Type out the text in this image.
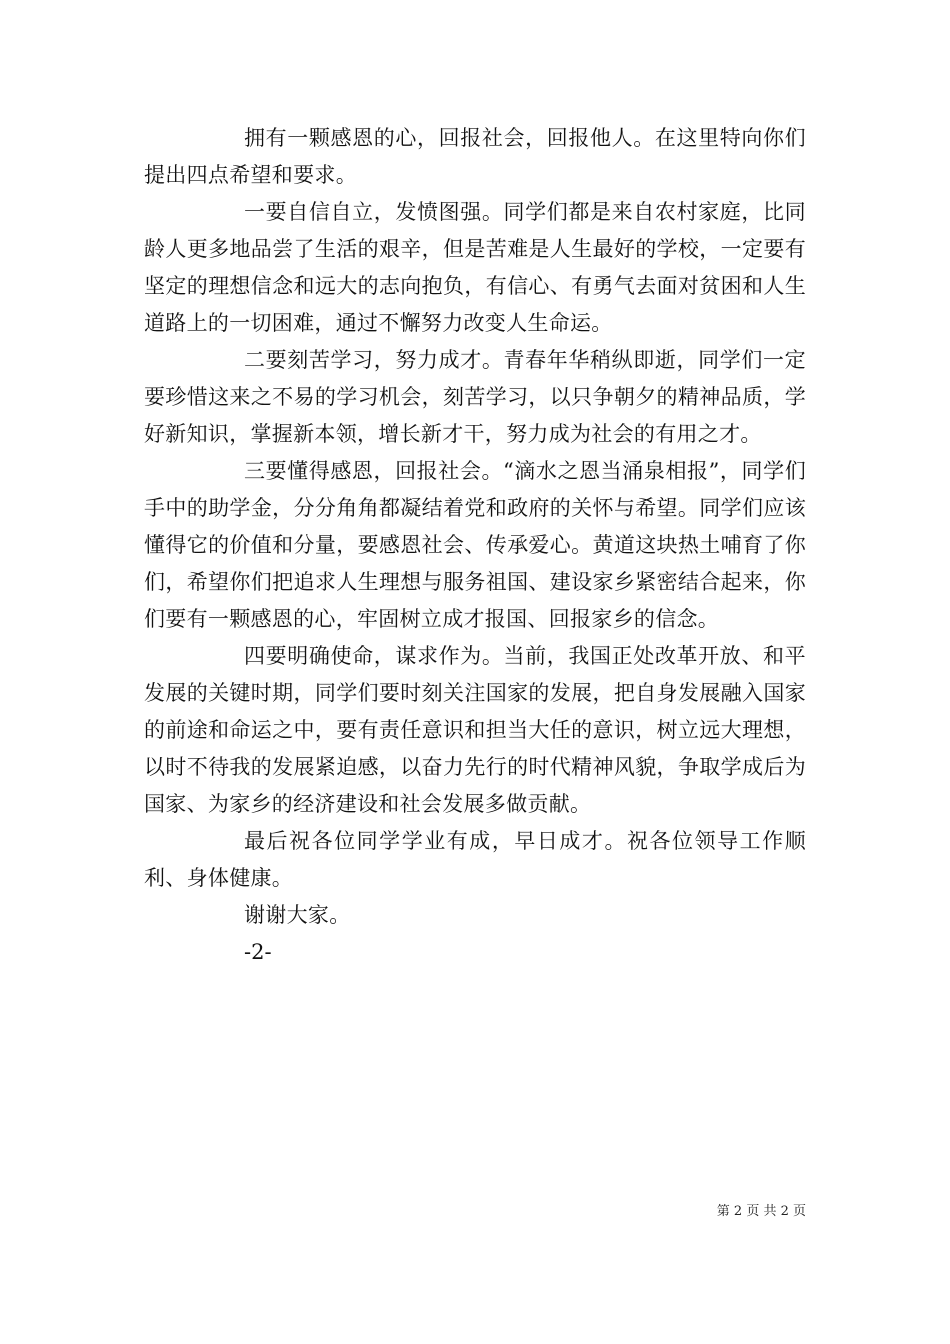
拥有一颗感恩的心，回报社会，回报他人。在这里特向你们提出四点希望和要求。

一要自信自立，发愤图强。同学们都是来自农村家庭，比同龄人更多地品尝了生活的艰辛，但是苦难是人生最好的学校，一定要有坚定的理想信念和远大的志向抱负，有信心、有勇气去面对贫困和人生道路上的一切困难，通过不懈努力改变人生命运。

二要刻苦学习，努力成才。青春年华稍纵即逝，同学们一定要珍惜这来之不易的学习机会，刻苦学习，以只争朝夕的精神品质，学好新知识，掌握新本领，增长新才干，努力成为社会的有用之才。

三要懂得感恩，回报社会。“滴水之恩当涌泉相报”，同学们手中的助学金，分分角角都凝结着党和政府的关怀与希望。同学们应该懂得它的价值和分量，要感恩社会、传承爱心。黄道这块热土哺育了你们，希望你们把追求人生理想与服务祖国、建设家乡紧密结合起来，你们要有一颗感恩的心，牢固树立成才报国、回报家乡的信念。

四要明确使命，谋求作为。当前，我国正处改革开放、和平发展的关键时期，同学们要时刻关注国家的发展，把自身发展融入国家的前途和命运之中，要有责任意识和担当大任的意识，树立远大理想，以时不待我的发展紧迫感，以奋力先行的时代精神风貌，争取学成后为国家、为家乡的经济建设和社会发展多做贡献。

最后祝各位同学学业有成，早日成才。祝各位领导工作顺利、身体健康。

谢谢大家。

-2-

第 2 页 共 2 页
